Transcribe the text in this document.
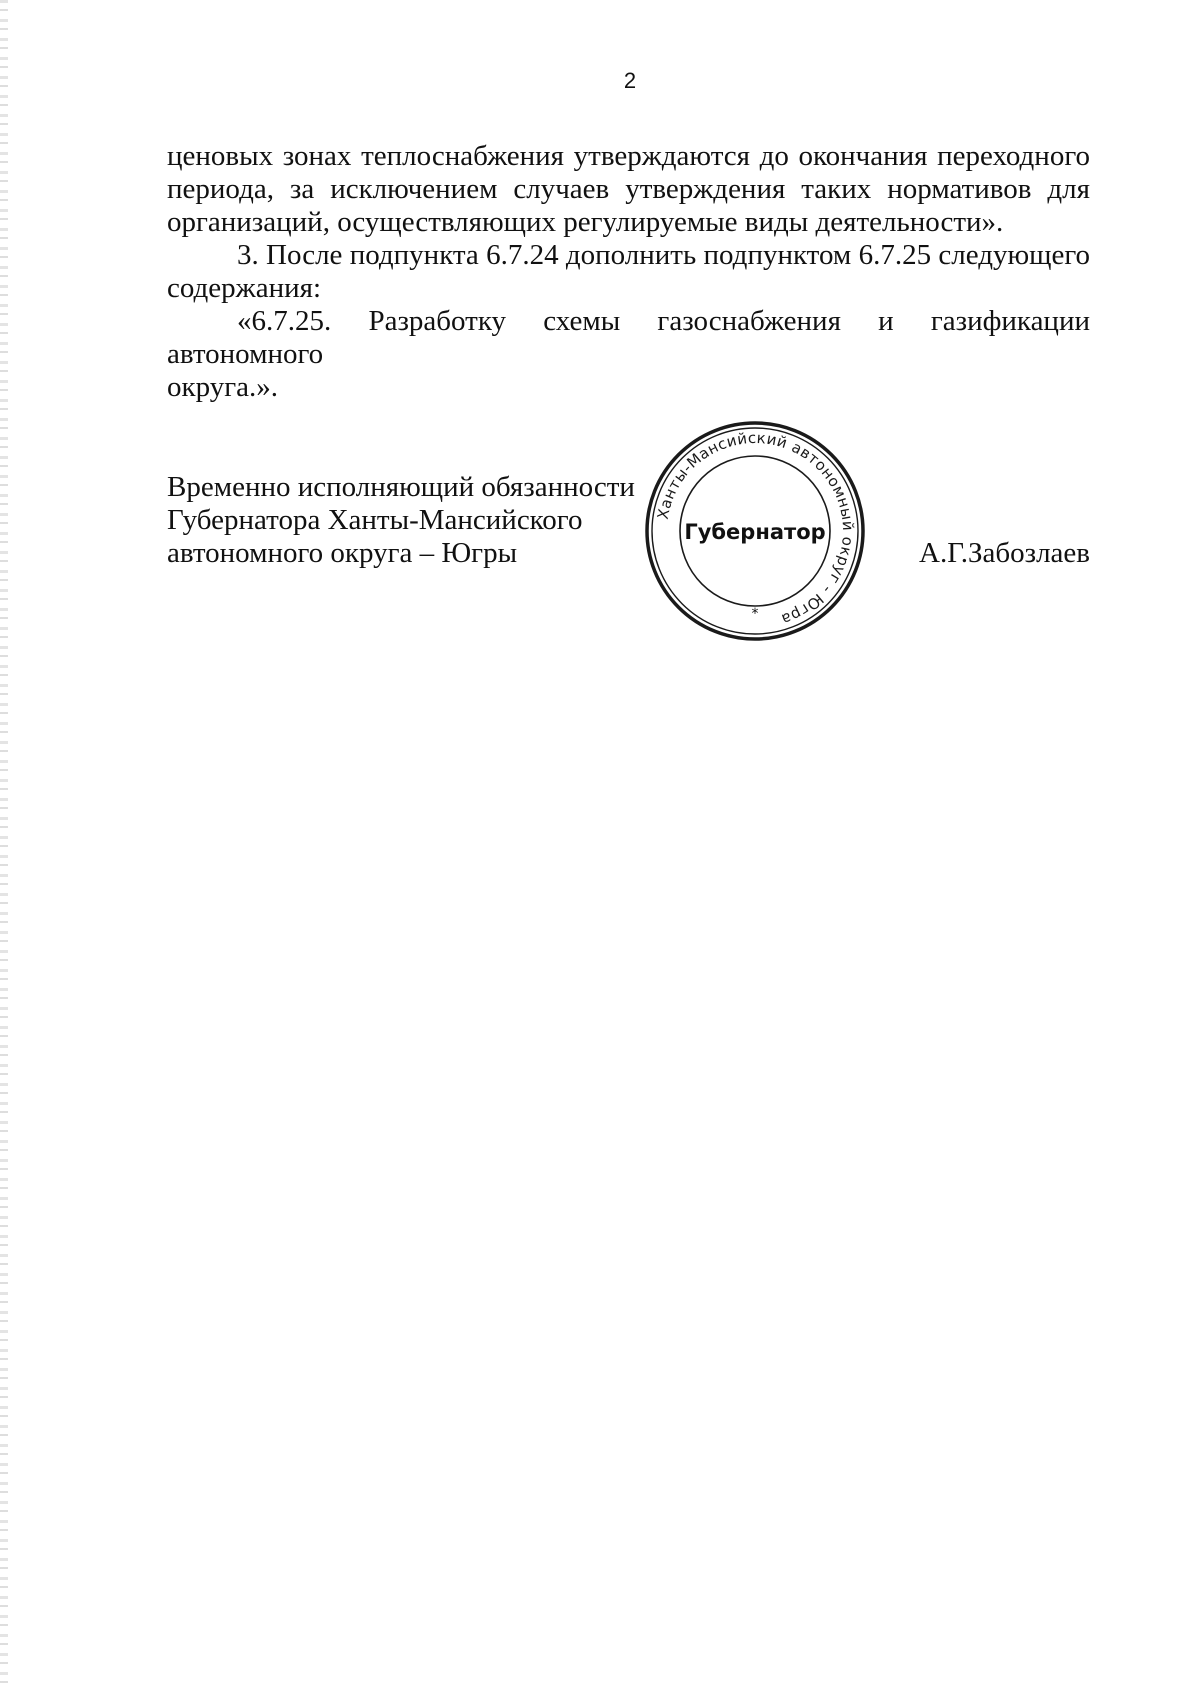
2

ценовых зонах теплоснабжения утверждаются до окончания переходного

периода, за исключением случаев утверждения таких нормативов для

организаций, осуществляющих регулируемые виды деятельности».

3. После подпункта 6.7.24 дополнить подпунктом 6.7.25 следующего

содержания:

«6.7.25. Разработку схемы газоснабжения и газификации автономного

округа.».

Временно исполняющий обязанности
Губернатора Ханты-Мансийского
автономного округа – Югры
Ханты-Мансийский автономный округ - Югра
Губернатор
*
А.Г.Забозлаев
